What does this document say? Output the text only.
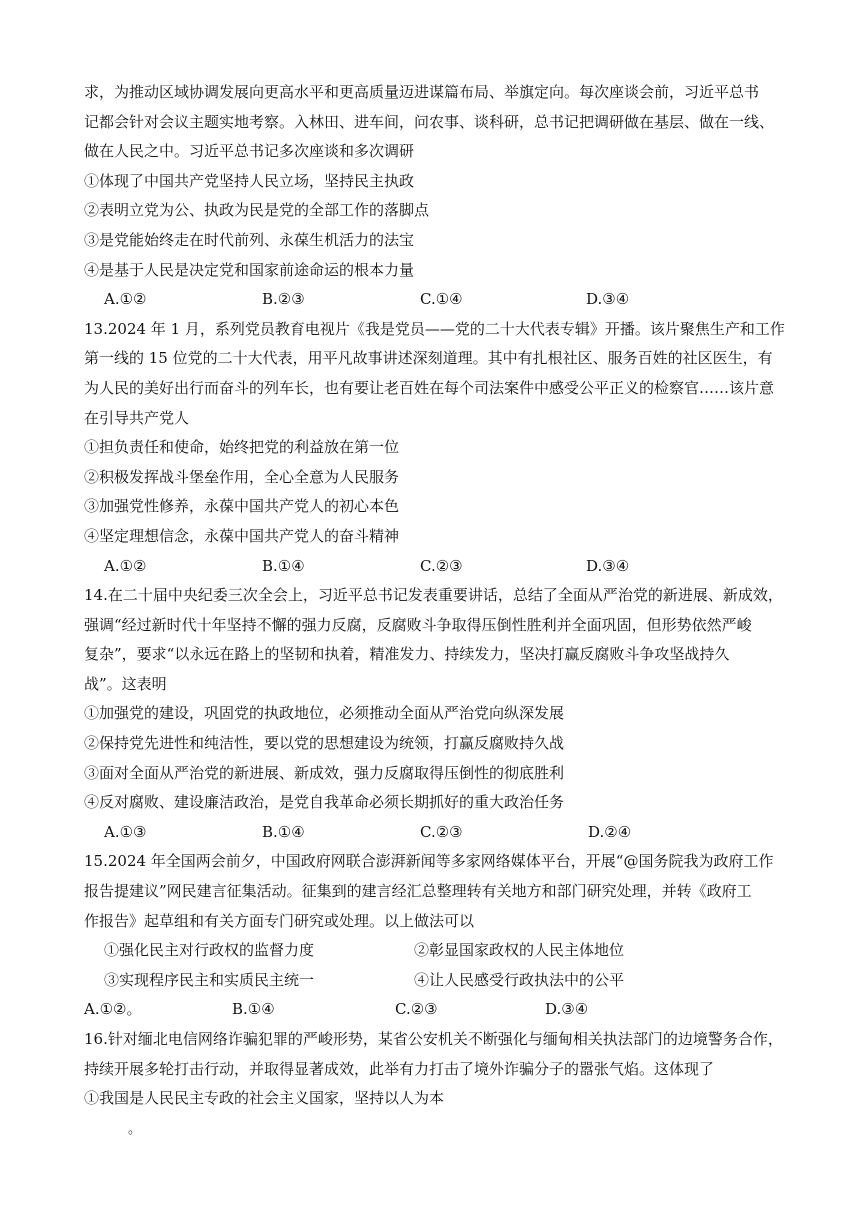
求，为推动区域协调发展向更高水平和更高质量迈进谋篇布局、举旗定向。每次座谈会前，习近平总书
记都会针对会议主题实地考察。入林田、进车间，问农事、谈科研，总书记把调研做在基层、做在一线、
做在人民之中。习近平总书记多次座谈和多次调研
①体现了中国共产党坚持人民立场，坚持民主执政
②表明立党为公、执政为民是党的全部工作的落脚点
③是党能始终走在时代前列、永葆生机活力的法宝
④是基于人民是决定党和国家前途命运的根本力量
A.①②	B.②③	C.①④	D.③④
13.2024 年 1 月，系列党员教育电视片《我是党员——党的二十大代表专辑》开播。该片聚焦生产和工作
第一线的 15 位党的二十大代表，用平凡故事讲述深刻道理。其中有扎根社区、服务百姓的社区医生，有
为人民的美好出行而奋斗的列车长，也有要让老百姓在每个司法案件中感受公平正义的检察官……该片意
在引导共产党人
①担负责任和使命，始终把党的利益放在第一位
②积极发挥战斗堡垒作用，全心全意为人民服务
③加强党性修养，永葆中国共产党人的初心本色
④坚定理想信念，永葆中国共产党人的奋斗精神
A.①②	B.①④	C.②③	D.③④
14.在二十届中央纪委三次全会上，习近平总书记发表重要讲话，总结了全面从严治党的新进展、新成效，
强调“经过新时代十年坚持不懈的强力反腐，反腐败斗争取得压倒性胜利并全面巩固，但形势依然严峻
复杂”，要求“以永远在路上的坚韧和执着，精准发力、持续发力，坚决打赢反腐败斗争攻坚战持久
战”。这表明
①加强党的建设，巩固党的执政地位，必须推动全面从严治党向纵深发展
②保持党先进性和纯洁性，要以党的思想建设为统领，打赢反腐败持久战
③面对全面从严治党的新进展、新成效，强力反腐取得压倒性的彻底胜利
④反对腐败、建设廉洁政治，是党自我革命必须长期抓好的重大政治任务
A.①③	B.①④	C.②③	D.②④
15.2024 年全国两会前夕，中国政府网联合澎湃新闻等多家网络媒体平台，开展“@国务院我为政府工作
报告提建议”网民建言征集活动。征集到的建言经汇总整理转有关地方和部门研究处理，并转《政府工
作报告》起草组和有关方面专门研究或处理。以上做法可以
①强化民主对行政权的监督力度	②彰显国家政权的人民主体地位
③实现程序民主和实质民主统一	④让人民感受行政执法中的公平
A.①②。	B.①④	C.②③	D.③④
16.针对缅北电信网络诈骗犯罪的严峻形势，某省公安机关不断强化与缅甸相关执法部门的边境警务合作，
持续开展多轮打击行动，并取得显著成效，此举有力打击了境外诈骗分子的嚣张气焰。这体现了
①我国是人民民主专政的社会主义国家，坚持以人为本
。
